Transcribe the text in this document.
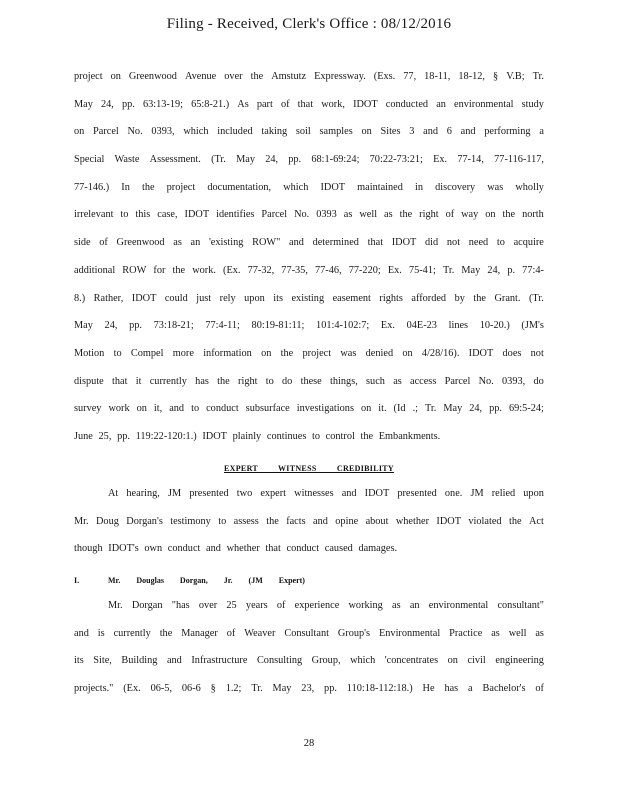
Filing - Received, Clerk's Office : 08/12/2016
project on Greenwood Avenue over the Amstutz Expressway. (Exs. 77, 18-11, 18-12, § V.B; Tr.
May 24, pp. 63:13-19; 65:8-21.) As part of that work, IDOT conducted an environmental study
on Parcel No. 0393, which included taking soil samples on Sites 3 and 6 and performing a
Special Waste Assessment. (Tr. May 24, pp. 68:1-69:24; 70:22-73:21; Ex. 77-14, 77-116-117,
77-146.) In the project documentation, which IDOT maintained in discovery was wholly
irrelevant to this case, IDOT identifies Parcel No. 0393 as well as the right of way on the north
side of Greenwood as an 'existing ROW" and determined that IDOT did not need to acquire
additional ROW for the work. (Ex. 77-32, 77-35, 77-46, 77-220; Ex. 75-41; Tr. May 24, p. 77:4-
8.) Rather, IDOT could just rely upon its existing easement rights afforded by the Grant. (Tr.
May 24, pp. 73:18-21; 77:4-11; 80:19-81:11; 101:4-102:7; Ex. 04E-23 lines 10-20.) (JM's
Motion to Compel more information on the project was denied on 4/28/16). IDOT does not
dispute that it currently has the right to do these things, such as access Parcel No. 0393, do
survey work on it, and to conduct subsurface investigations on it. (Id .; Tr. May 24, pp. 69:5-24;
June 25, pp. 119:22-120:1.) IDOT plainly continues to control the Embankments.
EXPERT WITNESS CREDIBILITY
At hearing, JM presented two expert witnesses and IDOT presented one. JM relied upon
Mr. Doug Dorgan's testimony to assess the facts and opine about whether IDOT violated the Act
though IDOT's own conduct and whether that conduct caused damages.
I.	Mr. Douglas Dorgan, Jr. (JM Expert)
Mr. Dorgan "has over 25 years of experience working as an environmental consultant"
and is currently the Manager of Weaver Consultant Group's Environmental Practice as well as
its Site, Building and Infrastructure Consulting Group, which 'concentrates on civil engineering
projects." (Ex. 06-5, 06-6 § 1.2; Tr. May 23, pp. 110:18-112:18.) He has a Bachelor's of
28
